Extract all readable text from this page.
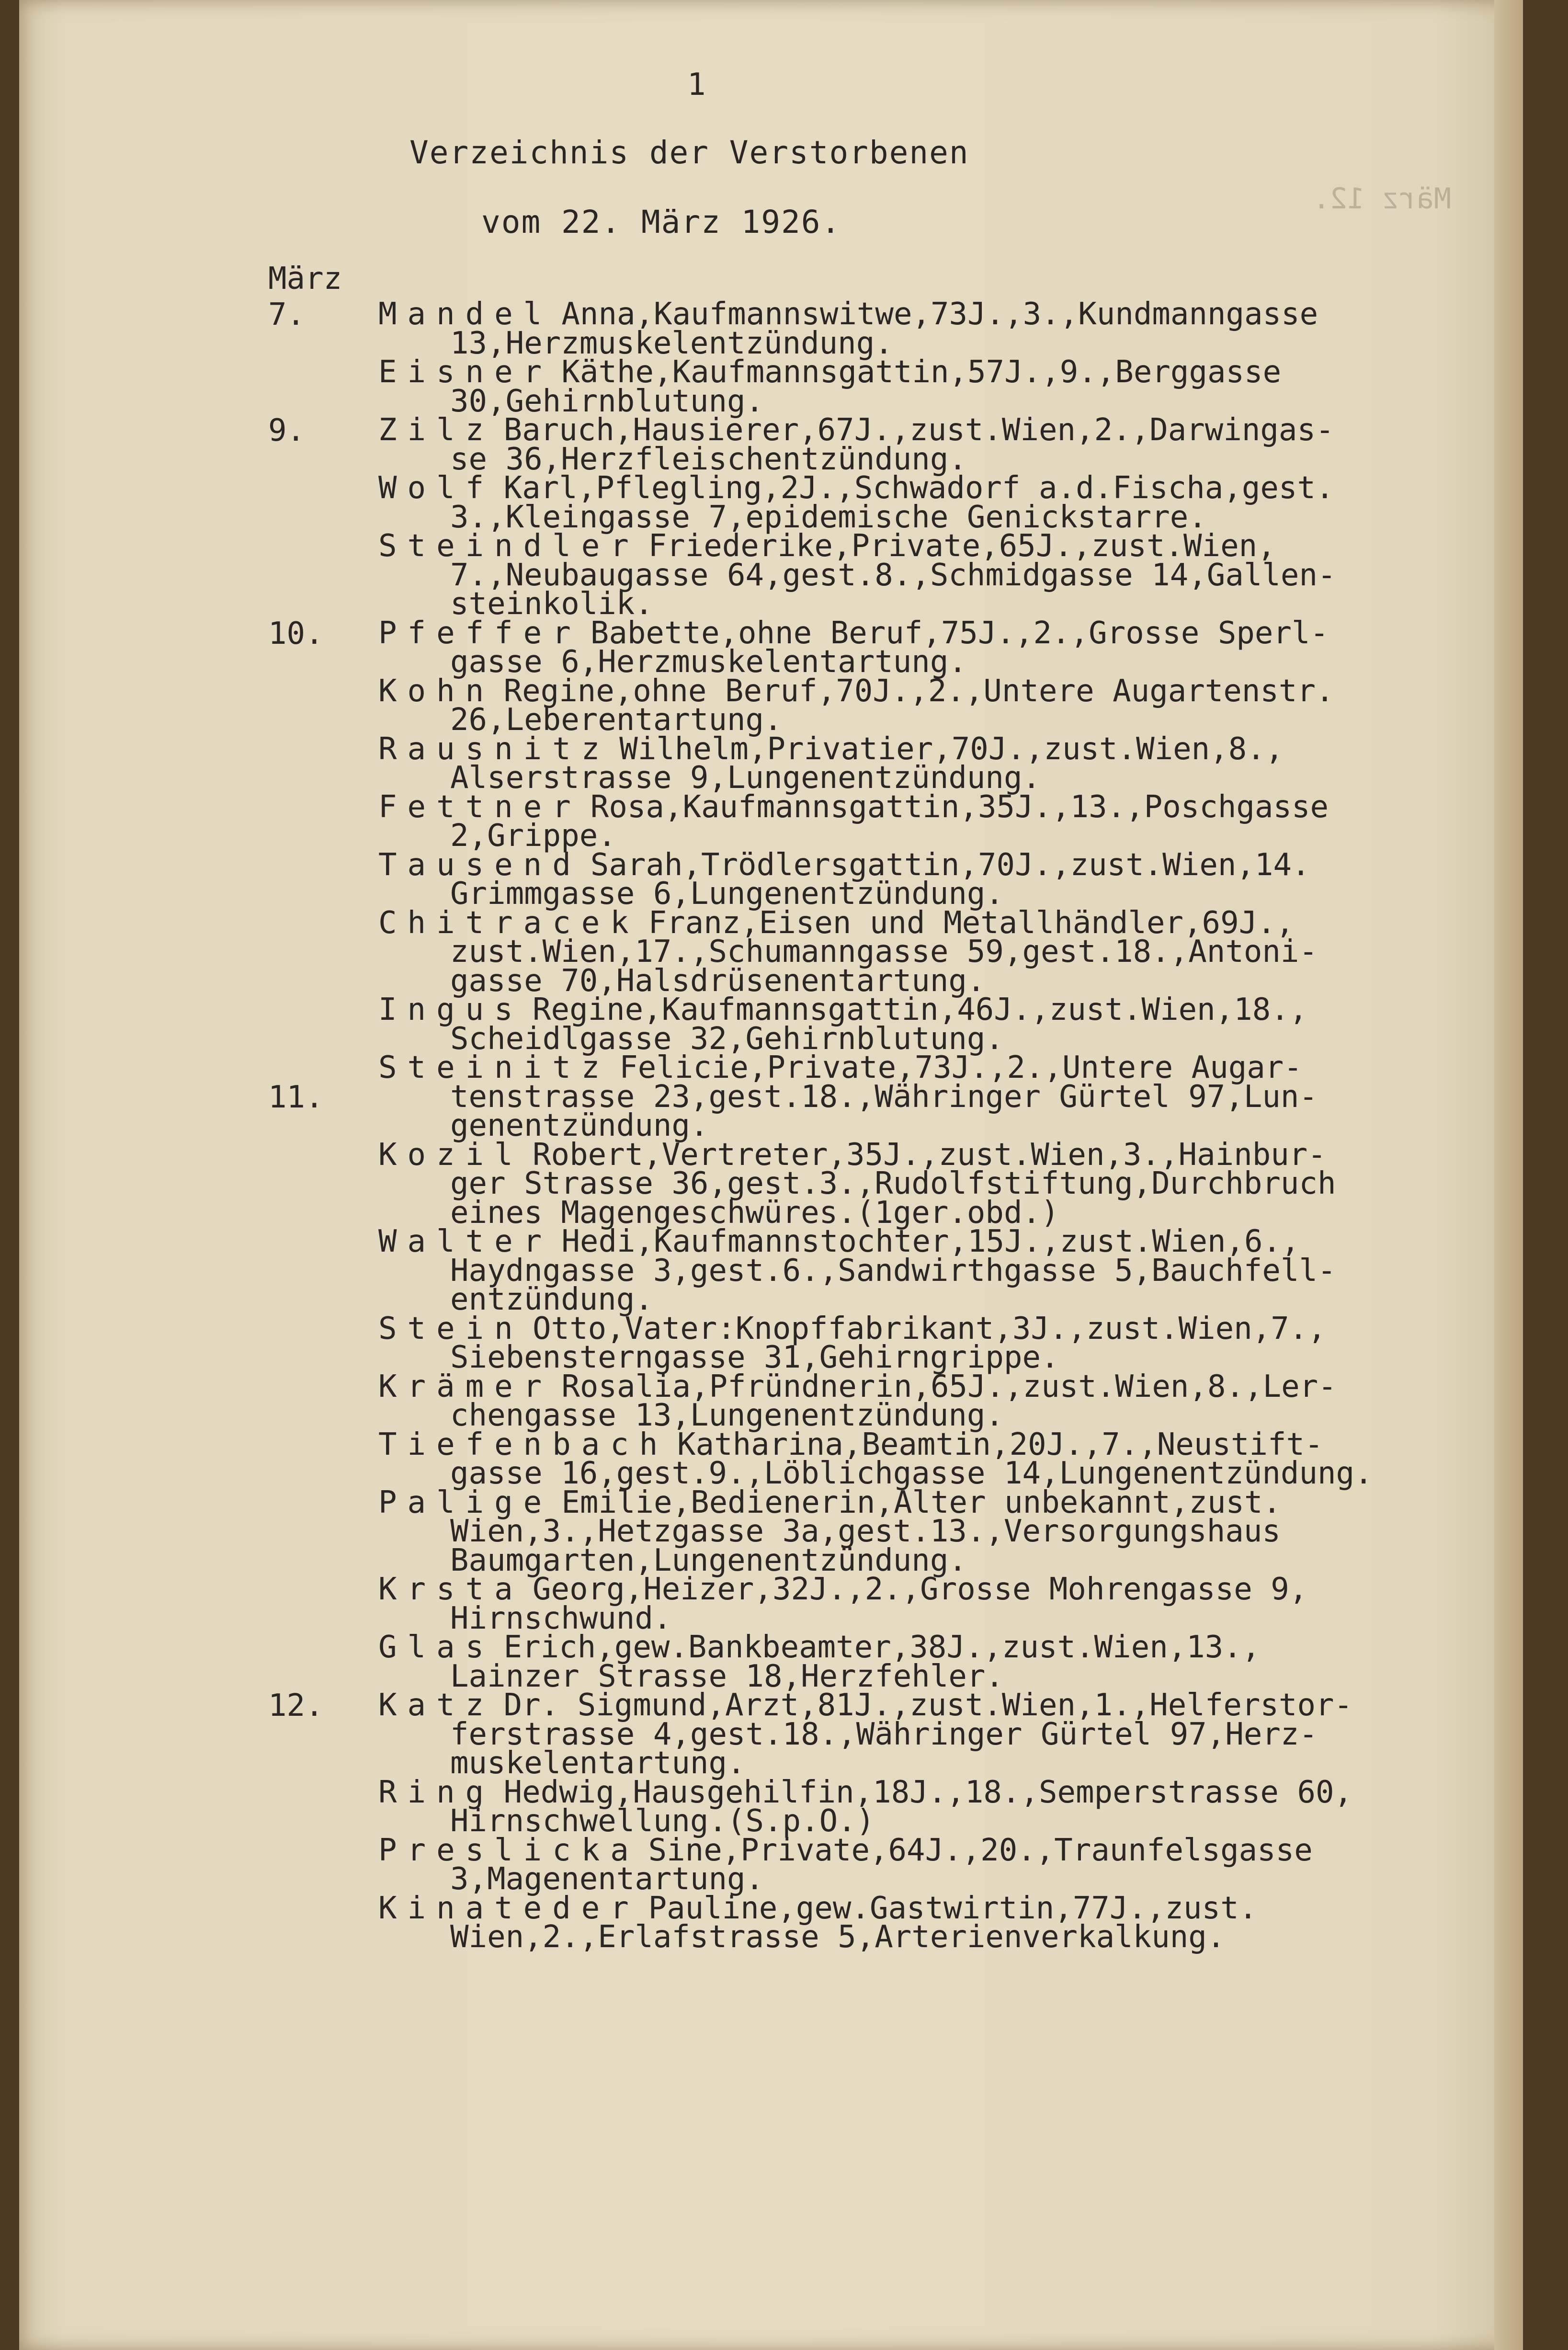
März 12.
1
Verzeichnis der Verstorbenen
vom 22. März 1926.
März
7.
9.
10.
11.
12.
Mandel Anna,Kaufmannswitwe,73J.,3.,Kundmanngasse
13,Herzmuskelentzündung.
Eisner Käthe,Kaufmannsgattin,57J.,9.,Berggasse
30,Gehirnblutung.
Zilz Baruch,Hausierer,67J.,zust.Wien,2.,Darwingas-
se 36,Herzfleischentzündung.
Wolf Karl,Pflegling,2J.,Schwadorf a.d.Fischa,gest.
3.,Kleingasse 7,epidemische Genickstarre.
Steindler Friederike,Private,65J.,zust.Wien,
7.,Neubaugasse 64,gest.8.,Schmidgasse 14,Gallen-
steinkolik.
Pfeffer Babette,ohne Beruf,75J.,2.,Grosse Sperl-
gasse 6,Herzmuskelentartung.
Kohn Regine,ohne Beruf,70J.,2.,Untere Augartenstr.
26,Leberentartung.
Rausnitz Wilhelm,Privatier,70J.,zust.Wien,8.,
Alserstrasse 9,Lungenentzündung.
Fettner Rosa,Kaufmannsgattin,35J.,13.,Poschgasse
2,Grippe.
Tausend Sarah,Trödlersgattin,70J.,zust.Wien,14.
Grimmgasse 6,Lungenentzündung.
Chitracek Franz,Eisen und Metallhändler,69J.,
zust.Wien,17.,Schumanngasse 59,gest.18.,Antoni-
gasse 70,Halsdrüsenentartung.
Ingus Regine,Kaufmannsgattin,46J.,zust.Wien,18.,
Scheidlgasse 32,Gehirnblutung.
Steinitz Felicie,Private,73J.,2.,Untere Augar-
tenstrasse 23,gest.18.,Währinger Gürtel 97,Lun-
genentzündung.
Kozil Robert,Vertreter,35J.,zust.Wien,3.,Hainbur-
ger Strasse 36,gest.3.,Rudolfstiftung,Durchbruch
eines Magengeschwüres.(1ger.obd.)
Walter Hedi,Kaufmannstochter,15J.,zust.Wien,6.,
Haydngasse 3,gest.6.,Sandwirthgasse 5,Bauchfell-
entzündung.
Stein Otto,Vater:Knopffabrikant,3J.,zust.Wien,7.,
Siebensterngasse 31,Gehirngrippe.
Krämer Rosalia,Pfründnerin,65J.,zust.Wien,8.,Ler-
chengasse 13,Lungenentzündung.
Tiefenbach Katharina,Beamtin,20J.,7.,Neustift-
gasse 16,gest.9.,Löblichgasse 14,Lungenentzündung.
Palige Emilie,Bedienerin,Alter unbekannt,zust.
Wien,3.,Hetzgasse 3a,gest.13.,Versorgungshaus
Baumgarten,Lungenentzündung.
Krsta Georg,Heizer,32J.,2.,Grosse Mohrengasse 9,
Hirnschwund.
Glas Erich,gew.Bankbeamter,38J.,zust.Wien,13.,
Lainzer Strasse 18,Herzfehler.
Katz Dr. Sigmund,Arzt,81J.,zust.Wien,1.,Helferstor-
ferstrasse 4,gest.18.,Währinger Gürtel 97,Herz-
muskelentartung.
Ring Hedwig,Hausgehilfin,18J.,18.,Semperstrasse 60,
Hirnschwellung.(S.p.O.)
Preslicka Sine,Private,64J.,20.,Traunfelsgasse
3,Magenentartung.
Kinateder Pauline,gew.Gastwirtin,77J.,zust.
Wien,2.,Erlafstrasse 5,Arterienverkalkung.
